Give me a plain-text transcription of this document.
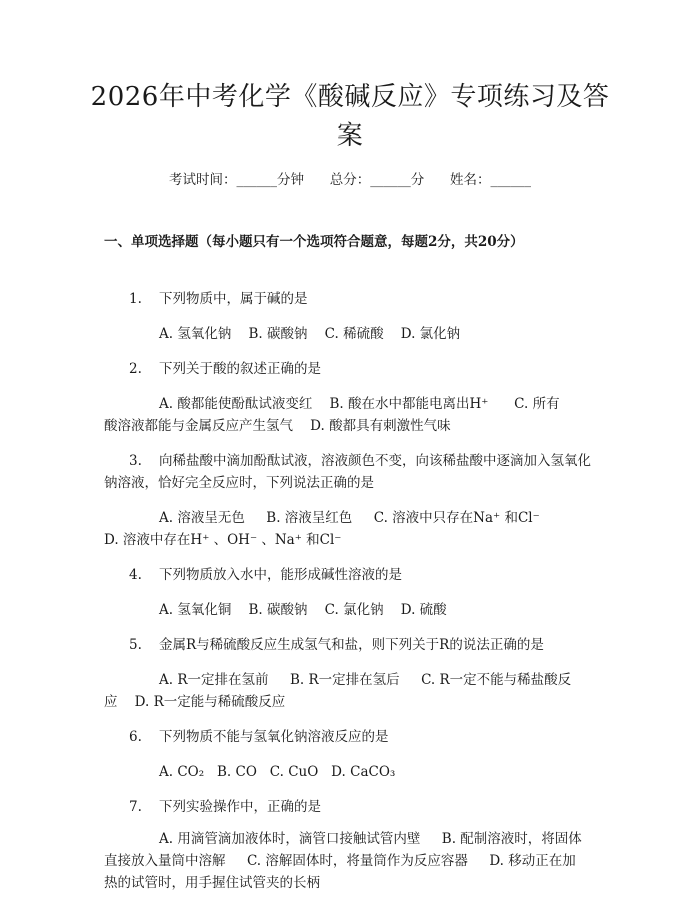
2026年中考化学《酸碱反应》专项练习及答案
考试时间：______分钟      总分：______分      姓名：______
一、单项选择题（每小题只有一个选项符合题意，每题2分，共20分）
1.	下列物质中，属于碱的是
A. 氢氧化钠    B. 碳酸钠    C. 稀硫酸    D. 氯化钠
2.	下列关于酸的叙述正确的是
A. 酸都能使酚酞试液变红    B. 酸在水中都能电离出H⁺      C. 所有
酸溶液都能与金属反应产生氢气    D. 酸都具有刺激性气味
3.	向稀盐酸中滴加酚酞试液，溶液颜色不变，向该稀盐酸中逐滴加入氢氧化
钠溶液，恰好完全反应时，下列说法正确的是
A. 溶液呈无色     B. 溶液呈红色     C. 溶液中只存在Na⁺ 和Cl⁻
D. 溶液中存在H⁺ 、OH⁻ 、Na⁺ 和Cl⁻
4.	下列物质放入水中，能形成碱性溶液的是
A. 氢氧化铜    B. 碳酸钠    C. 氯化钠    D. 硫酸
5.	金属R与稀硫酸反应生成氢气和盐，则下列关于R的说法正确的是
A. R一定排在氢前     B. R一定排在氢后     C. R一定不能与稀盐酸反
应    D. R一定能与稀硫酸反应
6.	下列物质不能与氢氧化钠溶液反应的是
A. CO₂   B. CO   C. CuO   D. CaCO₃
7.	下列实验操作中，正确的是
A. 用滴管滴加液体时，滴管口接触试管内壁     B. 配制溶液时，将固体
直接放入量筒中溶解     C. 溶解固体时，将量筒作为反应容器     D. 移动正在加
热的试管时，用手握住试管夹的长柄
